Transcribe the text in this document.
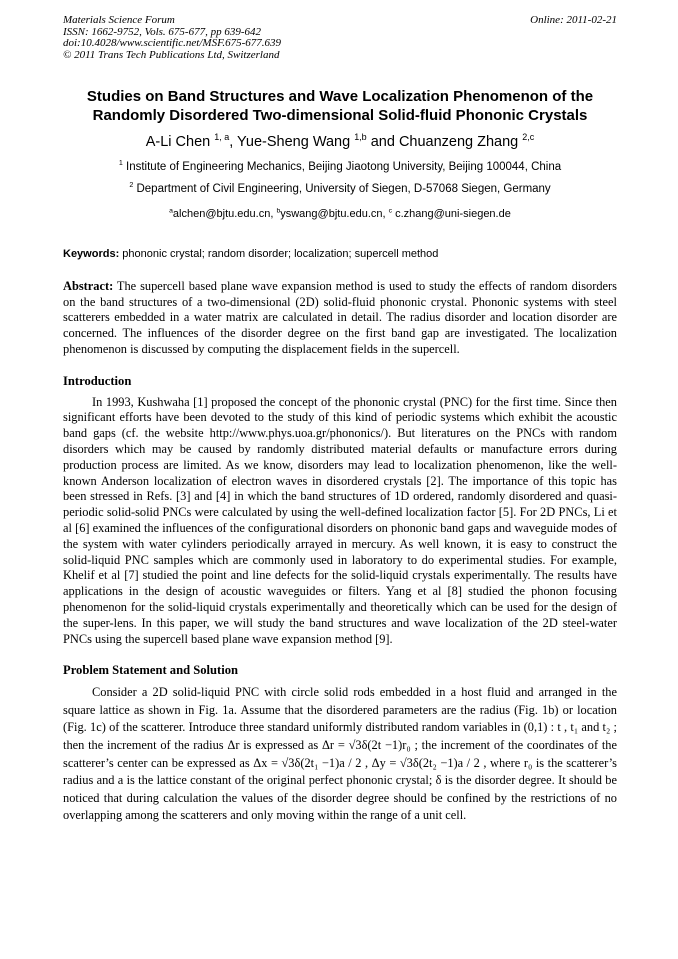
Materials Science Forum
ISSN: 1662-9752, Vols. 675-677, pp 639-642
doi:10.4028/www.scientific.net/MSF.675-677.639
© 2011 Trans Tech Publications Ltd, Switzerland
Online: 2011-02-21
Studies on Band Structures and Wave Localization Phenomenon of the
Randomly Disordered Two-dimensional Solid-fluid Phononic Crystals
A-Li Chen $^{1, a}$, Yue-Sheng Wang $^{1,b}$ and Chuanzeng Zhang $^{2,c}$
$^1$ Institute of Engineering Mechanics, Beijing Jiaotong University, Beijing 100044, China
$^2$ Department of Civil Engineering, University of Siegen, D-57068 Siegen, Germany
$^a$alchen@bjtu.edu.cn, $^b$yswang@bjtu.edu.cn, $^c$ c.zhang@uni-siegen.de
Keywords: phononic crystal; random disorder; localization; supercell method
Abstract: The supercell based plane wave expansion method is used to study the effects of random disorders on the band structures of a two-dimensional (2D) solid-fluid phononic crystal. Phononic systems with steel scatterers embedded in a water matrix are calculated in detail. The radius disorder and location disorder are concerned. The influences of the disorder degree on the first band gap are investigated. The localization phenomenon is discussed by computing the displacement fields in the supercell.
Introduction

In 1993, Kushwaha [1] proposed the concept of the phononic crystal (PNC) for the first time. Since then significant efforts have been devoted to the study of this kind of periodic systems which exhibit the acoustic band gaps (cf. the website http://www.phys.uoa.gr/phononics/). But literatures on the PNCs with random disorders which may be caused by randomly distributed material defaults or manufacture errors during production process are limited. As we know, disorders may lead to localization phenomenon, like the well-known Anderson localization of electron waves in disordered crystals [2]. The importance of this topic has been stressed in Refs. [3] and [4] in which the band structures of 1D ordered, randomly disordered and quasi-periodic solid-solid PNCs were calculated by using the well-defined localization factor [5]. For 2D PNCs, Li et al [6] examined the influences of the configurational disorders on phononic band gaps and waveguide modes of the system with water cylinders periodically arrayed in mercury. As well known, it is easy to construct the solid-liquid PNC samples which are commonly used in laboratory to do experimental studies. For example, Khelif et al [7] studied the point and line defects for the solid-liquid crystals experimentally. The results have applications in the design of acoustic waveguides or filters. Yang et al [8] studied the phonon focusing phenomenon for the solid-liquid crystals experimentally and theoretically which can be used for the design of the super-lens. In this paper, we will study the band structures and wave localization of the 2D steel-water PNCs using the supercell based plane wave expansion method [9].

Problem Statement and Solution

Consider a 2D solid-liquid PNC with circle solid rods embedded in a host fluid and arranged in the square lattice as shown in Fig. 1a. Assume that the disordered parameters are the radius (Fig. 1b) or location (Fig. 1c) of the scatterer. Introduce three standard uniformly distributed random variables in (0,1) : t , t₁ and t₂ ; then the increment of the radius Δr is expressed as Δr = √3δ(2t −1)r₀ ; the increment of the coordinates of the scatterer’s center can be expressed as Δx = √3δ(2t₁ −1)a / 2 , Δy = √3δ(2t₂ −1)a / 2 , where r₀ is the scatterer’s radius and a is the lattice constant of the original perfect phononic crystal; δ is the disorder degree. It should be noticed that during calculation the values of the disorder degree should be confined by the restrictions of no overlapping among the scatterers and only moving within the range of a unit cell.
